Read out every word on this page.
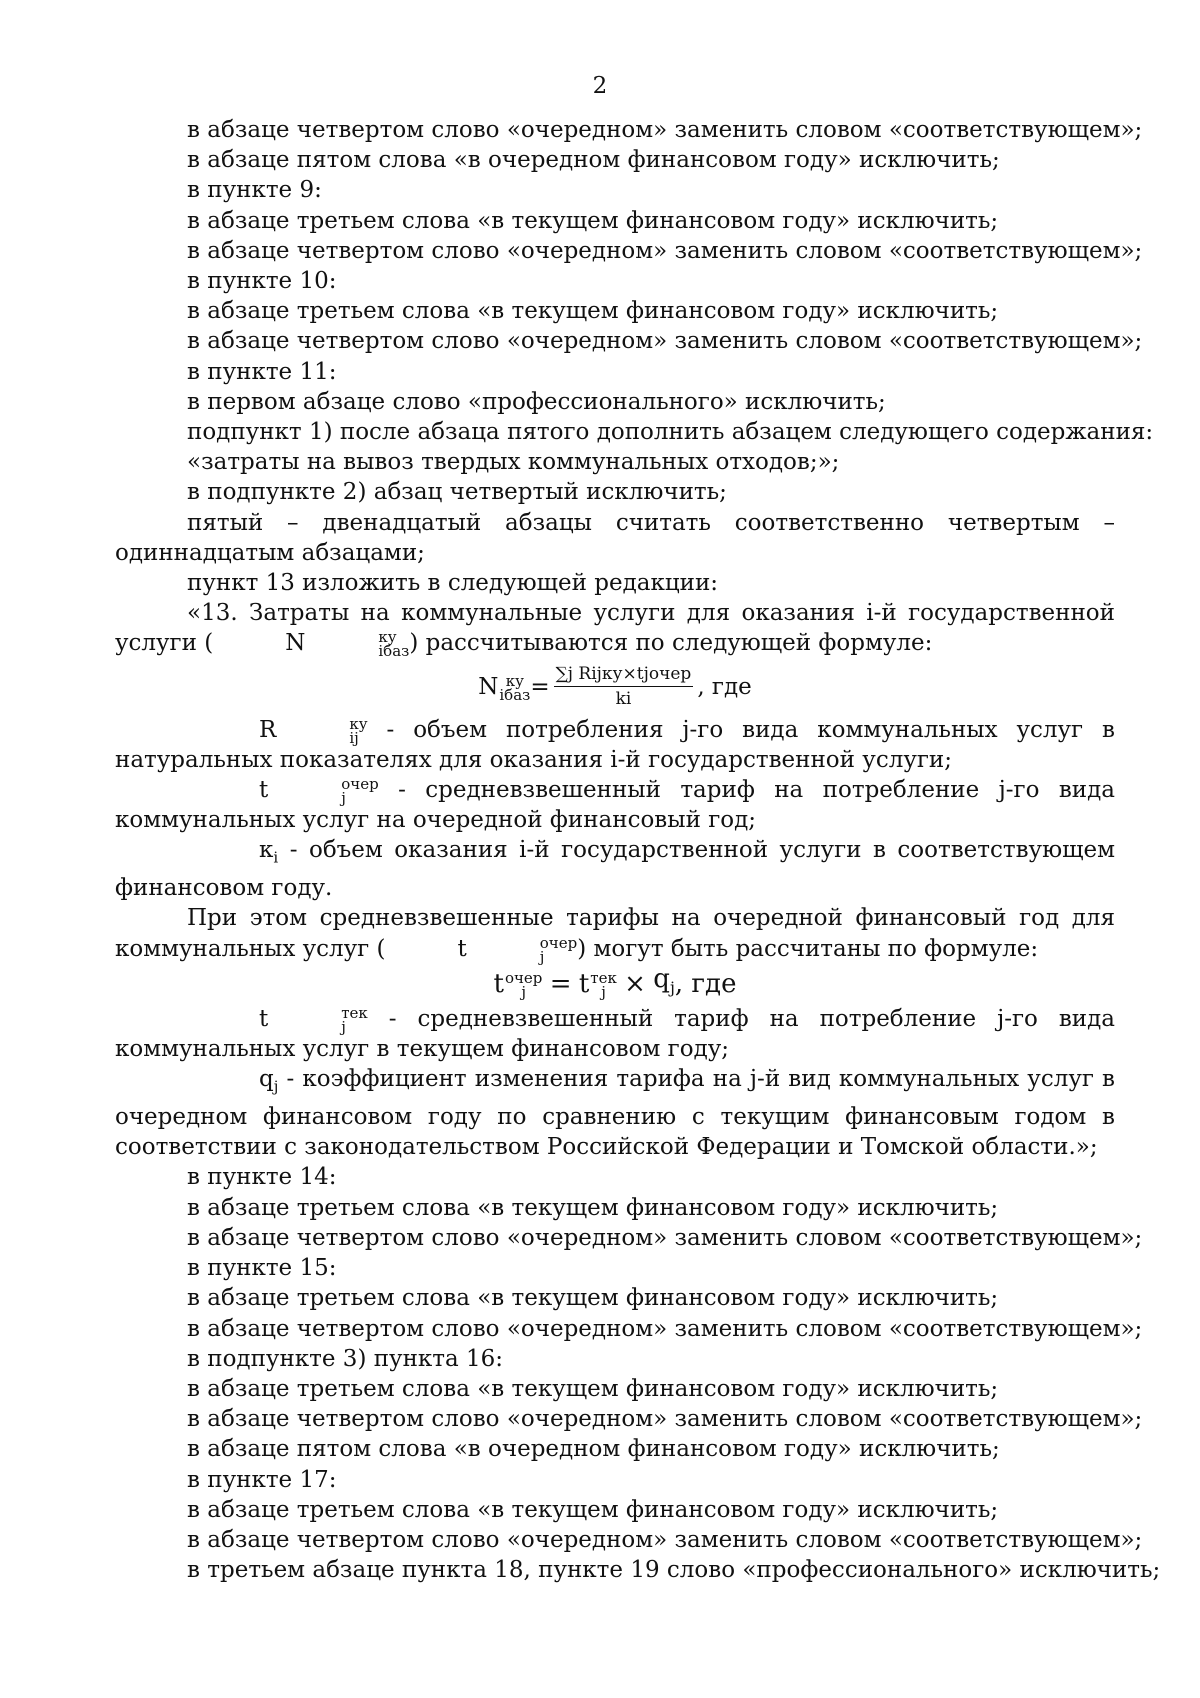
2

в абзаце четвертом слово «очередном» заменить словом «соответствующем»;

в абзаце пятом слова «в очередном финансовом году» исключить;

в пункте 9:

в абзаце третьем слова «в текущем финансовом году» исключить;

в абзаце четвертом слово «очередном» заменить словом «соответствующем»;

в пункте 10:

в абзаце третьем слова «в текущем финансовом году» исключить;

в абзаце четвертом слово «очередном» заменить словом «соответствующем»;

в пункте 11:

в первом абзаце слово «профессионального» исключить;

подпункт 1) после абзаца пятого дополнить абзацем следующего содержания:

«затраты на вывоз твердых коммунальных отходов;»;

в подпункте 2) абзац четвертый исключить;

пятый – двенадцатый абзацы считать соответственно четвертым – одиннадцатым абзацами;

пункт 13 изложить в следующей редакции:

«13. Затраты на коммунальные услуги для оказания i-й государственной услуги (	N	ку
iбаз ) рассчитываются по следующей формуле:

N ку
iбаз = $\frac{\text{∑j Rijку×tjочер}}{ki}$ , где

R	ку
ij	- объем потребления j-го вида коммунальных услуг в натуральных показателях для оказания i-й государственной услуги;

t	очер
j	- средневзвешенный тариф на потребление j-го вида коммунальных услуг на очередной финансовый год;

$к_i$ - объем оказания i-й государственной услуги в соответствующем финансовом году.

При этом средневзвешенные тарифы на очередной финансовый год для коммунальных услуг (	t	очер
j	) могут быть рассчитаны по формуле:

t очер
j
=
t тек
j
×
$q_j$ , где

t	тек
j	- средневзвешенный тариф на потребление j-го вида коммунальных услуг в текущем финансовом году;

$q_j$ - коэффициент изменения тарифа на j-й вид коммунальных услуг в очередном финансовом году по сравнению с текущим финансовым годом в соответствии с законодательством Российской Федерации и Томской области.»;

в пункте 14:

в абзаце третьем слова «в текущем финансовом году» исключить;

в абзаце четвертом слово «очередном» заменить словом «соответствующем»;

в пункте 15:

в абзаце третьем слова «в текущем финансовом году» исключить;

в абзаце четвертом слово «очередном» заменить словом «соответствующем»;

в подпункте 3) пункта 16:

в абзаце третьем слова «в текущем финансовом году» исключить;

в абзаце четвертом слово «очередном» заменить словом «соответствующем»;

в абзаце пятом слова «в очередном финансовом году» исключить;

в пункте 17:

в абзаце третьем слова «в текущем финансовом году» исключить;

в абзаце четвертом слово «очередном» заменить словом «соответствующем»;

в третьем абзаце пункта 18, пункте 19 слово «профессионального» исключить;
